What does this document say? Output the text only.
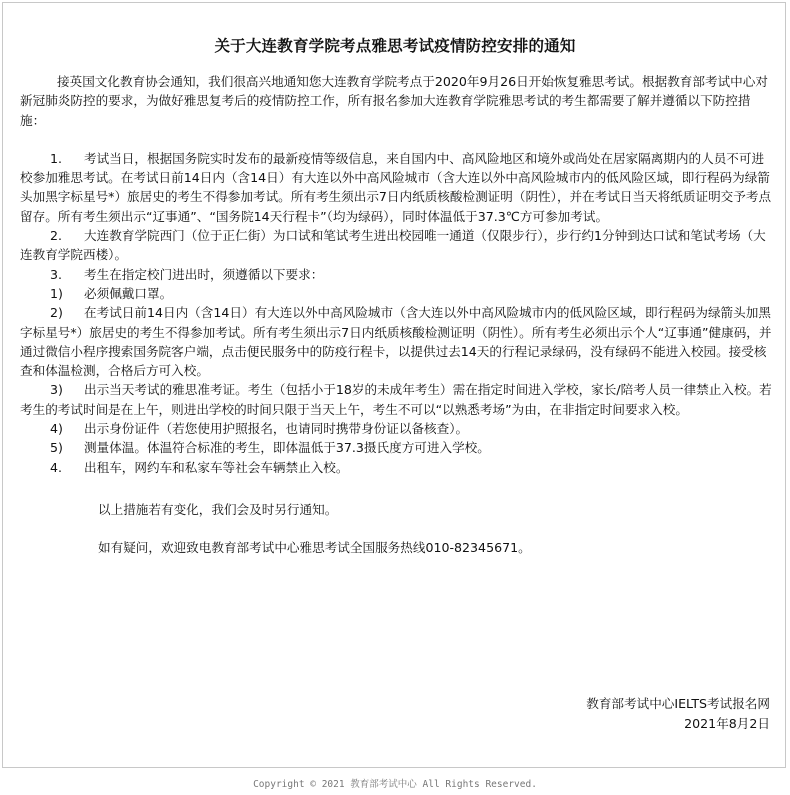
关于大连教育学院考点雅思考试疫情防控安排的通知

接英国文化教育协会通知，我们很高兴地通知您大连教育学院考点于2020年9月26日开始恢复雅思考试。根据教育部考试中心对新冠肺炎防控的要求，为做好雅思复考后的疫情防控工作，所有报名参加大连教育学院雅思考试的考生都需要了解并遵循以下防控措施：

1. 考试当日，根据国务院实时发布的最新疫情等级信息，来自国内中、高风险地区和境外或尚处在居家隔离期内的人员不可进校参加雅思考试。在考试日前14日内（含14日）有大连以外中高风险城市（含大连以外中高风险城市内的低风险区域，即行程码为绿箭头加黑字标星号*）旅居史的考生不得参加考试。所有考生须出示7日内纸质核酸检测证明（阴性），并在考试日当天将纸质证明交予考点留存。所有考生须出示“辽事通”、“国务院14天行程卡”（均为绿码），同时体温低于37.3℃方可参加考试。

2. 大连教育学院西门（位于正仁街）为口试和笔试考生进出校园唯一通道（仅限步行），步行约1分钟到达口试和笔试考场（大连教育学院西楼）。

3. 考生在指定校门进出时，须遵循以下要求：

1) 必须佩戴口罩。

2) 在考试日前14日内（含14日）有大连以外中高风险城市（含大连以外中高风险城市内的低风险区域，即行程码为绿箭头加黑字标星号*）旅居史的考生不得参加考试。所有考生须出示7日内纸质核酸检测证明（阴性）。所有考生必须出示个人“辽事通”健康码，并通过微信小程序搜索国务院客户端，点击便民服务中的防疫行程卡，以提供过去14天的行程记录绿码，没有绿码不能进入校园。接受核查和体温检测，合格后方可入校。

3) 出示当天考试的雅思准考证。考生（包括小于18岁的未成年考生）需在指定时间进入学校，家长/陪考人员一律禁止入校。若考生的考试时间是在上午，则进出学校的时间只限于当天上午，考生不可以“以熟悉考场”为由，在非指定时间要求入校。

4) 出示身份证件（若您使用护照报名，也请同时携带身份证以备核查）。

5) 测量体温。体温符合标准的考生，即体温低于37.3摄氏度方可进入学校。

4. 出租车，网约车和私家车等社会车辆禁止入校。

以上措施若有变化，我们会及时另行通知。

如有疑问，欢迎致电教育部考试中心雅思考试全国服务热线010-82345671。

教育部考试中心IELTS考试报名网
2021年8月2日
Copyright © 2021 教育部考试中心 All Rights Reserved.
